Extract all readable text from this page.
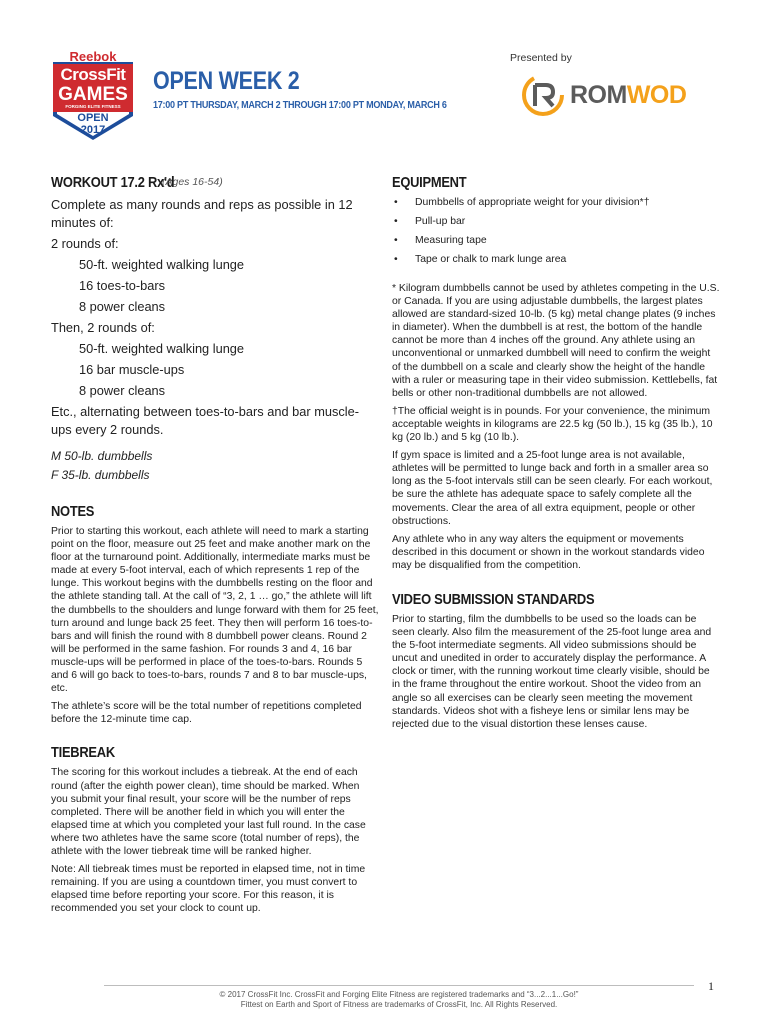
Reebok
CrossFit
GAMES
FORGING ELITE FITNESS
OPEN
2017
OPEN WEEK 2
17:00 PT THURSDAY, MARCH 2 THROUGH 17:00 PT MONDAY, MARCH 6
Presented by
ROMWOD
WORKOUT 17.2 Rx'd
(Ages 16-54)

Complete as many rounds and reps as possible in 12 minutes of:

2 rounds of:

50-ft. weighted walking lunge

16 toes-to-bars

8 power cleans

Then, 2 rounds of:

50-ft. weighted walking lunge

16 bar muscle-ups

8 power cleans

Etc., alternating between toes-to-bars and bar muscle-ups every 2 rounds.

M 50-lb. dumbbells

F 35-lb. dumbbells

NOTES

Prior to starting this workout, each athlete will need to mark a starting point on the floor, measure out 25 feet and make another mark on the floor at the turnaround point. Additionally, intermediate marks must be made at every 5-foot interval, each of which represents 1 rep of the lunge. This workout begins with the dumbbells resting on the floor and the athlete standing tall. At the call of “3, 2, 1 … go,” the athlete will lift the dumbbells to the shoulders and lunge forward with them for 25 feet, turn around and lunge back 25 feet. They then will perform 16 toes-to-bars and will finish the round with 8 dumbbell power cleans. Round 2 will be performed in the same fashion. For rounds 3 and 4, 16 bar muscle-ups will be performed in place of the toes-to-bars. Rounds 5 and 6 will go back to toes-to-bars, rounds 7 and 8 to bar muscle-ups, etc.

The athlete’s score will be the total number of repetitions completed before the 12-minute time cap.

TIEBREAK

The scoring for this workout includes a tiebreak. At the end of each round (after the eighth power clean), time should be marked. When you submit your final result, your score will be the number of reps completed. There will be another field in which you will enter the elapsed time at which you completed your last full round. In the case where two athletes have the same score (total number of reps), the athlete with the lower tiebreak time will be ranked higher.

Note: All tiebreak times must be reported in elapsed time, not in time remaining. If you are using a countdown timer, you must convert to elapsed time before reporting your score. For this reason, it is recommended you set your clock to count up.

EQUIPMENT
• Dumbbells of appropriate weight for your division*†
• Pull-up bar
• Measuring tape
• Tape or chalk to mark lunge area

* Kilogram dumbbells cannot be used by athletes competing in the U.S. or Canada. If you are using adjustable dumbbells, the largest plates allowed are standard-sized 10-lb. (5 kg) metal change plates (9 inches in diameter). When the dumbbell is at rest, the bottom of the handle cannot be more than 4 inches off the ground. Any athlete using an unconventional or unmarked dumbbell will need to confirm the weight of the dumbbell on a scale and clearly show the height of the handle with a ruler or measuring tape in their video submission. Kettlebells, fat bells or other non-traditional dumbbells are not allowed.

†The official weight is in pounds. For your convenience, the minimum acceptable weights in kilograms are 22.5 kg (50 lb.), 15 kg (35 lb.), 10 kg (20 lb.) and 5 kg (10 lb.).

If gym space is limited and a 25-foot lunge area is not available, athletes will be permitted to lunge back and forth in a smaller area so long as the 5-foot intervals still can be seen clearly. For each workout, be sure the athlete has adequate space to safely complete all the movements. Clear the area of all extra equipment, people or other obstructions.

Any athlete who in any way alters the equipment or movements described in this document or shown in the workout standards video may be disqualified from the competition.

VIDEO SUBMISSION STANDARDS

Prior to starting, film the dumbbells to be used so the loads can be seen clearly. Also film the measurement of the 25-foot lunge area and the 5-foot intermediate segments. All video submissions should be uncut and unedited in order to accurately display the performance. A clock or timer, with the running workout time clearly visible, should be in the frame throughout the entire workout. Shoot the video from an angle so all exercises can be clearly seen meeting the movement standards. Videos shot with a fisheye lens or similar lens may be rejected due to the visual distortion these lenses cause.

© 2017 CrossFit Inc. CrossFit and Forging Elite Fitness are registered trademarks and “3...2...1...Go!”
Fittest on Earth and Sport of Fitness are trademarks of CrossFit, Inc. All Rights Reserved.
1
